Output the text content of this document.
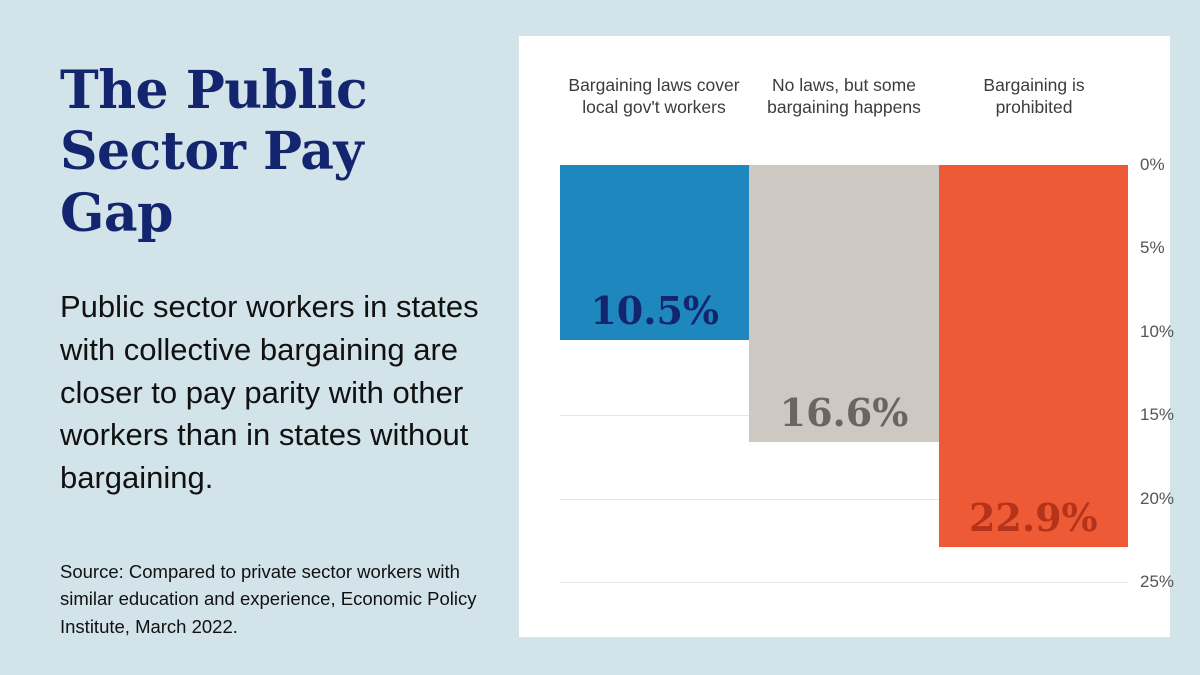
The Public Sector Pay Gap

Public sector workers in states with collective bargaining are closer to pay parity with other workers than in states without bargaining.

Source: Compared to private sector workers with similar education and experience, Economic Policy Institute, March 2022.

Bargaining laws cover local gov't workers
No laws, but some bargaining happens
Bargaining is prohibited
10.5%
16.6%
22.9%
0%
5%
10%
15%
20%
25%
